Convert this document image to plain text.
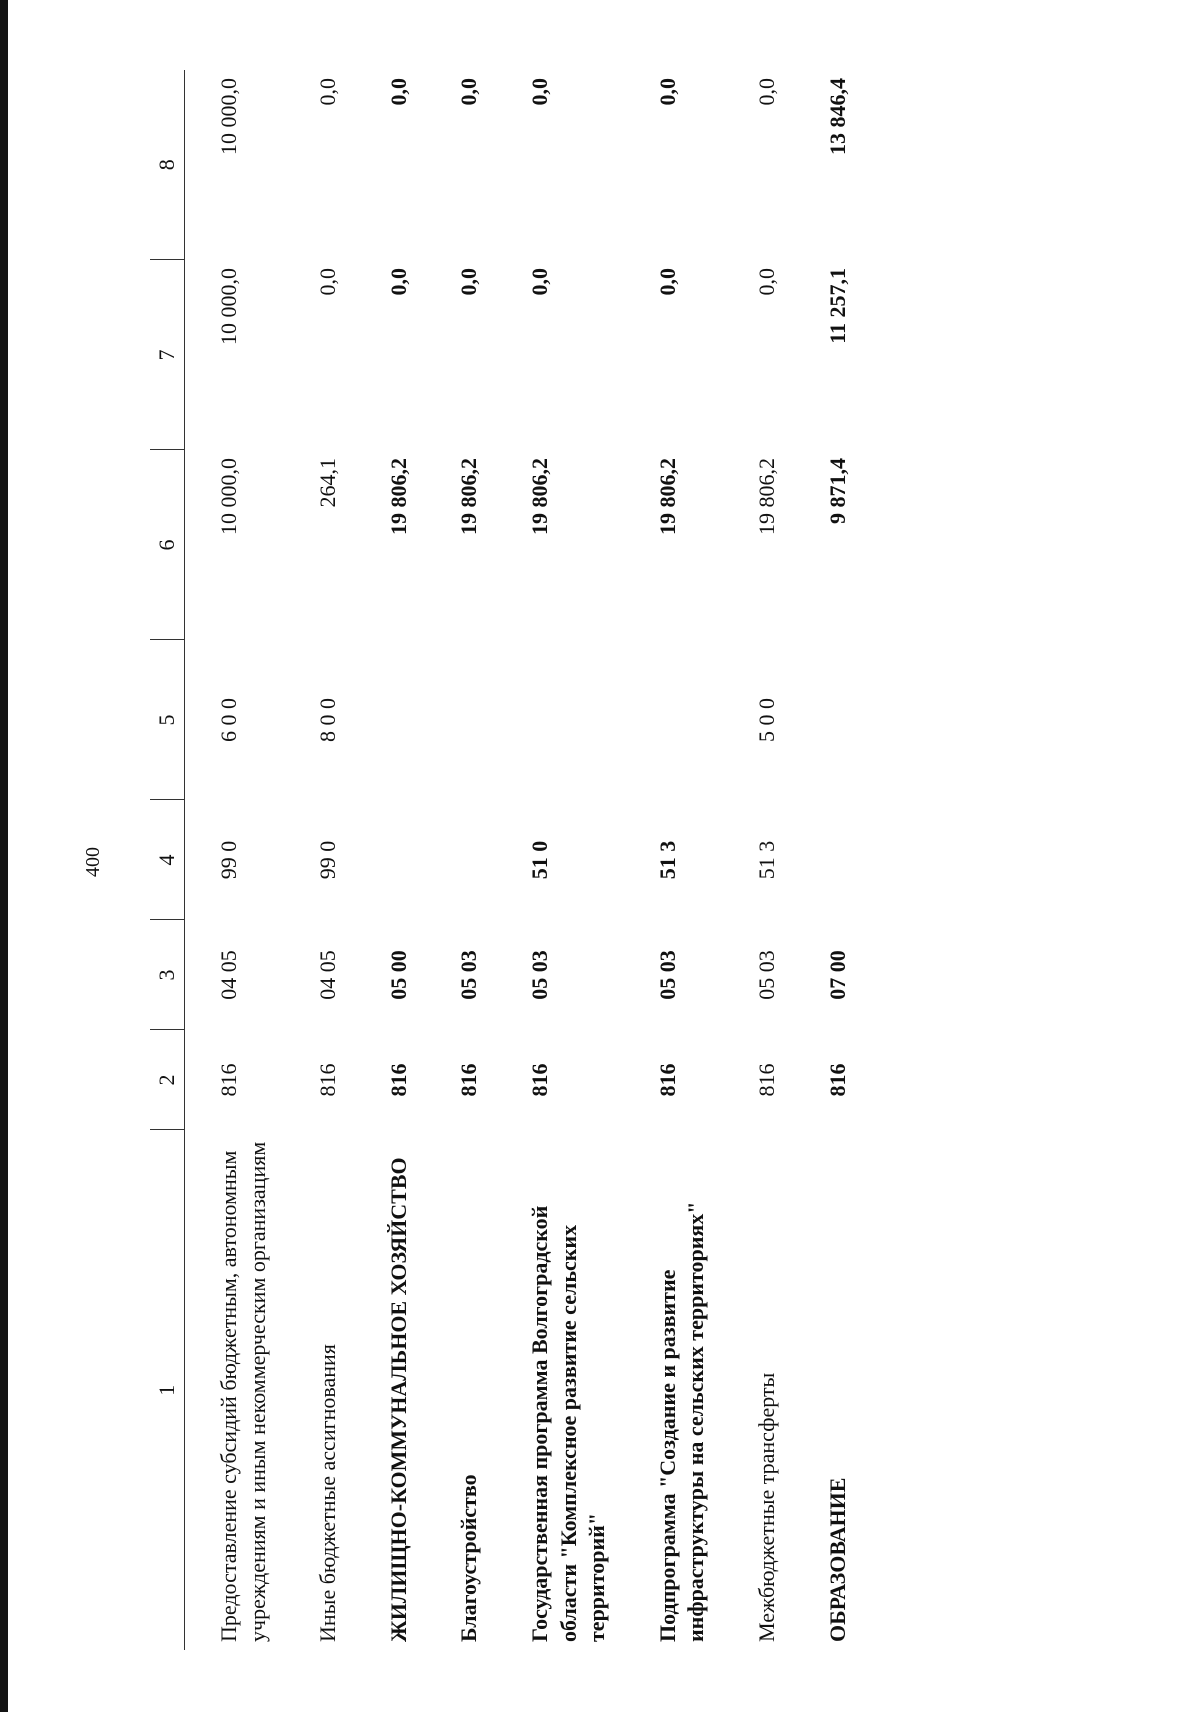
400
1	2	3	4	5	6	7	8
Предоставление субсидий бюджетным, автономным учреждениям и иным некоммерческим организациям	816	04 05	99 0	6 0 0	10 000,0	10 000,0	10 000,0
Иные бюджетные ассигнования	816	04 05	99 0	8 0 0	264,1	0,0	0,0
ЖИЛИЩНО-КОММУНАЛЬНОЕ ХОЗЯЙСТВО	816	05 00			19 806,2	0,0	0,0
Благоустройство	816	05 03			19 806,2	0,0	0,0
Государственная программа Волгоградской области "Комплексное развитие сельских территорий"	816	05 03	51 0		19 806,2	0,0	0,0
Подпрограмма "Создание и развитие инфраструктуры на сельских территориях"	816	05 03	51 3		19 806,2	0,0	0,0
Межбюджетные трансферты	816	05 03	51 3	5 0 0	19 806,2	0,0	0,0
ОБРАЗОВАНИЕ	816	07 00			9 871,4	11 257,1	13 846,4
